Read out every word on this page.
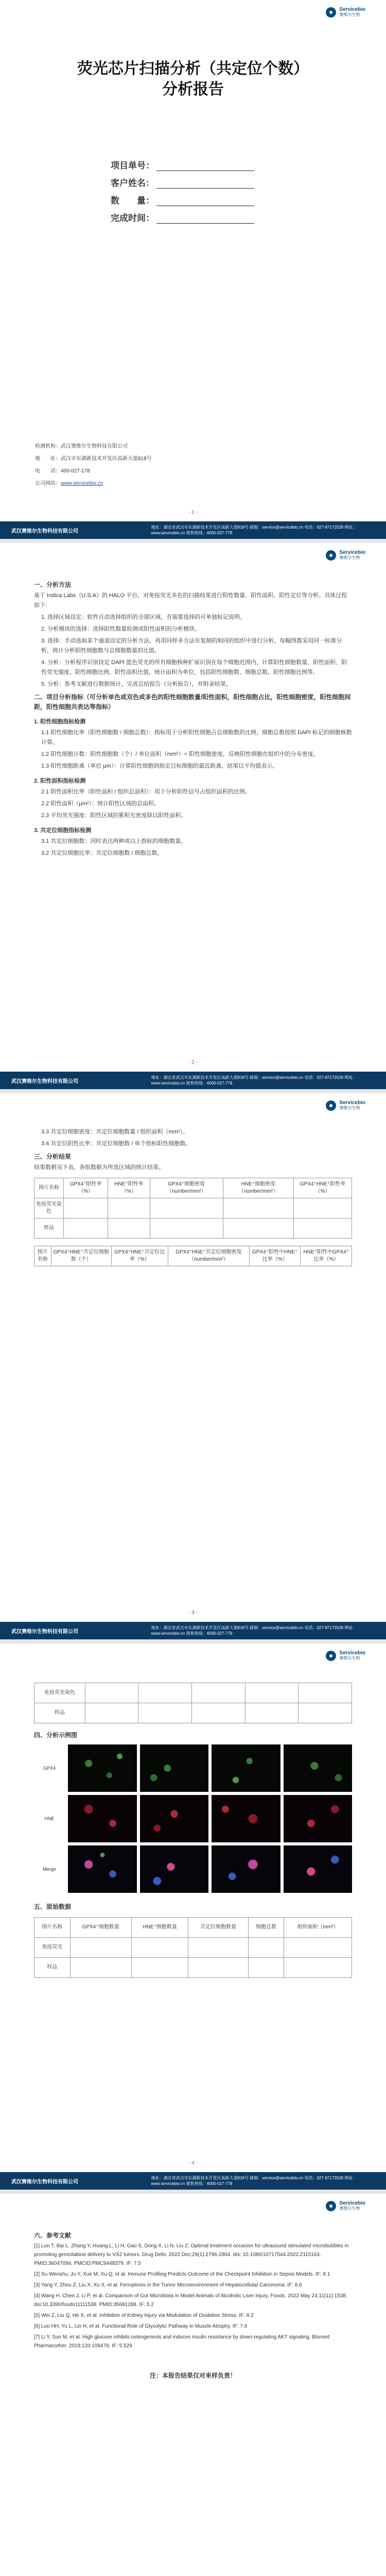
Servicebio
赛维尔生物
荧光芯片扫描分析（共定位个数）
分析报告
项目单号：
客户姓名：
数　　量：
完成时间：
检测机构：武汉赛维尔生物科技有限公司
地　　址：武汉市东湖新技术开发区高新大道818号
电　　话：400-027-178
公司网站：www.servicebio.cn
- 1 -
武汉赛维尔生物科技有限公司
地址：湖北省武汉市东湖新技术开发区高新大道818号 邮箱：service@servicebio.cn 电话：027-87172528 网址：www.servicebio.cn 销售热线：4000-027-778
Servicebio
赛维尔生物
一、分析方法

基于 Indica Labs（U.S.A）的 HALO 平台，对免疫荧光多色的扫描结果进行阳性数量、阳性面积、阳性定位等分析。具体过程如下：

1. 选择区域设定：软件自动选择组织的全部区域，有需要选择的可单独标记说明。

2. 分析模块的选择：选择阳性数量检测或阳性面积的分析模块。

3. 选择：手动选取某个通道设定的分析方法，再用同样多方法在复制的相同的组织中进行分析，每幅图都采用同一标准分析，统计分析阳性细胞数与总细胞数量的比值。

4. 分析：分析程序识别设定 DAPI 蓝色荧光的所有细胞核种扩展识别在每个细胞范围内，计算阳性细胞数量、阳性面积、阳性荧光强度、阳性细胞比例、阳性面积比值，统计面积为单位，包括阳性细胞数、细胞总数、阳性细胞比例等。

5. 分析：参考文献进行数据统计，完成总结报告（分析报告），并附录结果。

二、项目分析指标（可分析单色或双色或多色的阳性细胞数量/阳性面积，阳性细胞占比，阳性细胞密度，阳性细胞间距，阳性细胞共表达等指标）
1. 阳性细胞指标检测

1.1 阳性细胞比率（阳性细胞数 / 细胞总数）：指标用于分析阳性细胞占总细胞数的比例，细胞总数按照 DAPI 标记的细胞核数计算。

1.2 阳性细胞计数：阳性细胞数（个）/ 单位面积（mm²）= 阳性细胞密度，反映阳性细胞在组织中的分布密度。

1.3 阳性细胞距离（单位 μm）：计算阳性细胞到指定目标细胞的最近距离，结果以平均值表示。

2. 阳性面积指标检测

2.1 阳性面积比率（阳性面积 / 组织总面积）：用于分析阳性信号占组织面积的比例。

2.2 阳性面积（μm²）：统计阳性区域的总面积。

2.3 平均荧光强度：阳性区域的累积光密度除以阳性面积。

3. 共定位细胞指标检测

3.1 共定位细胞数：同时表达两种或以上指标的细胞数量。

3.2 共定位细胞比率：共定位细胞数 / 细胞总数。

- 2 -
武汉赛维尔生物科技有限公司
地址：湖北省武汉市东湖新技术开发区高新大道818号 邮箱：service@servicebio.cn 电话：027-87172528 网址：www.servicebio.cn 销售热线：4000-027-778
Servicebio
赛维尔生物

3.3 共定位细胞密度：共定位细胞数量 / 组织面积（mm²）。

3.4 共定位阳性比率：共定位细胞数 / 单个指标阳性细胞数。

三、分析结果

结果数据见下表，各组数据为所选区域的统计结果。

图片名称	GPX4⁺阳性率（%）	HNE⁺阳性率（%）	GPX4⁺细胞密度（number/mm²）	HNE⁺细胞密度（number/mm²）	GPX4⁺HNE⁺阳性率（%）
免疫荧光染色					
样品					
图片名称	GPX4⁺HNE⁺共定位细胞数（个）	GPX4⁺HNE⁺共定位比率（%）	GPX4⁺HNE⁺共定位细胞密度（number/mm²）	GPX4⁺阳性中HNE⁺比率（%）	HNE⁺阳性中GPX4⁺比率（%）
- 3 -
武汉赛维尔生物科技有限公司
地址：湖北省武汉市东湖新技术开发区高新大道818号 邮箱：service@servicebio.cn 电话：027-87172528 网址：www.servicebio.cn 销售热线：4000-027-778
Servicebio
赛维尔生物
免疫荧光染色					
样品					
四、分析示例图
GPX4
HNE
Merge
五、原始数据
图片名称	GPX4⁺细胞数量	HNE⁺细胞数量	共定位细胞数量	细胞总数	组织面积（mm²）
免疫荧光					
样品					
- 4 -
武汉赛维尔生物科技有限公司
地址：湖北省武汉市东湖新技术开发区高新大道818号 邮箱：service@servicebio.cn 电话：027-87172528 网址：www.servicebio.cn 销售热线：4000-027-778
Servicebio
赛维尔生物
六、参考文献
[1] Luo T, Bai L, Zhang Y, Huang L, Li H, Gao S, Dong X, Li N, Liu Z. Optimal treatment occasion for ultrasound stimulated microbubbles in promoting gemcitabine delivery to VX2 tumors. Drug Deliv. 2022 Dec;29(1):2796-2804. doi: 10.1080/10717544.2022.2115163. PMID:36047094; PMCID:PMC9448379. IF: 7.5
[2] Xu Wenshu, Ju Y, Xue M, Xu Q, et al. Immune Profiling Predicts Outcome of the Checkpoint Inhibition in Sepsis Models. IF: 8.1
[3] Yang Y, Zhou Z, Liu X, Xu X, et al. Ferroptosis in the Tumor Microenvironment of Hepatocellular Carcinoma. IF: 8.6
[4] Wang H, Chen J, Li P, et al. Comparison of Gut Microbiota in Model Animals of Alcoholic Liver Injury. Foods. 2022 May 24;11(11):1538. doi:10.3390/foods11111538. PMID:35681288. IF: 5.2
[5] Wei Z, Liu Q, He X, et al. Inhibition of Kidney Injury via Modulation of Oxidative Stress. IF: 8.2
[6] Luo HH, Yu L, Lin H, et al. Functional Role of Glycolytic Pathway in Muscle Atrophy. IF: 7.6
[7] Li Y, Sun M, et al. High glucose inhibits osteogenesis and induces insulin resistance by down-regulating AKT signaling. Biomed Pharmacother. 2019;120:109478. IF: 5.529
注：本报告结果仅对来样负责！
